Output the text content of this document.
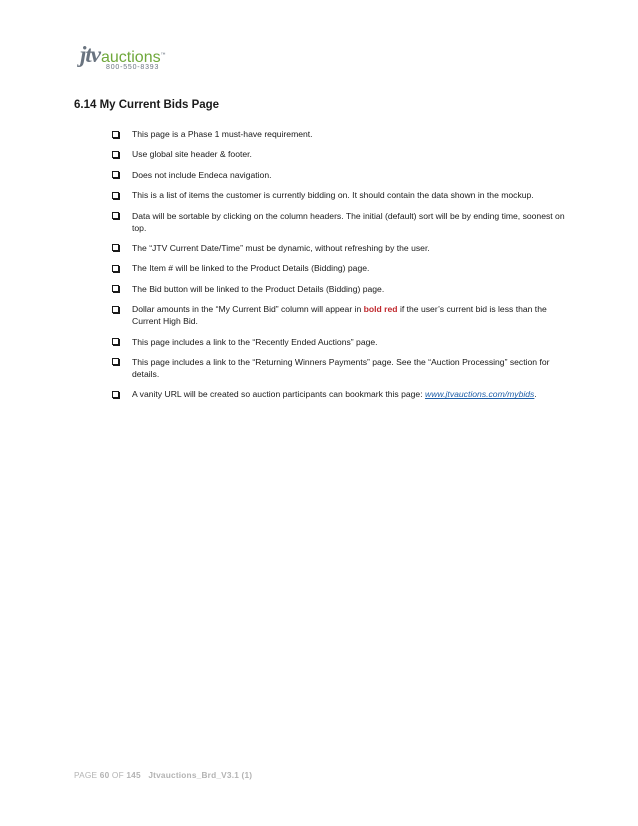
jtvauctions™
800-550-8393
6.14 My Current Bids Page
This page is a Phase 1 must-have requirement.
Use global site header & footer.
Does not include Endeca navigation.
This is a list of items the customer is currently bidding on. It should contain the data shown in the mockup.
Data will be sortable by clicking on the column headers. The initial (default) sort will be by ending time, soonest on top.
The “JTV Current Date/Time” must be dynamic, without refreshing by the user.
The Item # will be linked to the Product Details (Bidding) page.
The Bid button will be linked to the Product Details (Bidding) page.
Dollar amounts in the “My Current Bid” column will appear in bold red if the user’s current bid is less than the Current High Bid.
This page includes a link to the “Recently Ended Auctions” page.
This page includes a link to the “Returning Winners Payments” page. See the “Auction Processing” section for details.
A vanity URL will be created so auction participants can bookmark this page: www.jtvauctions.com/mybids.
PAGE 60 OF 145 Jtvauctions_Brd_V3.1 (1)
